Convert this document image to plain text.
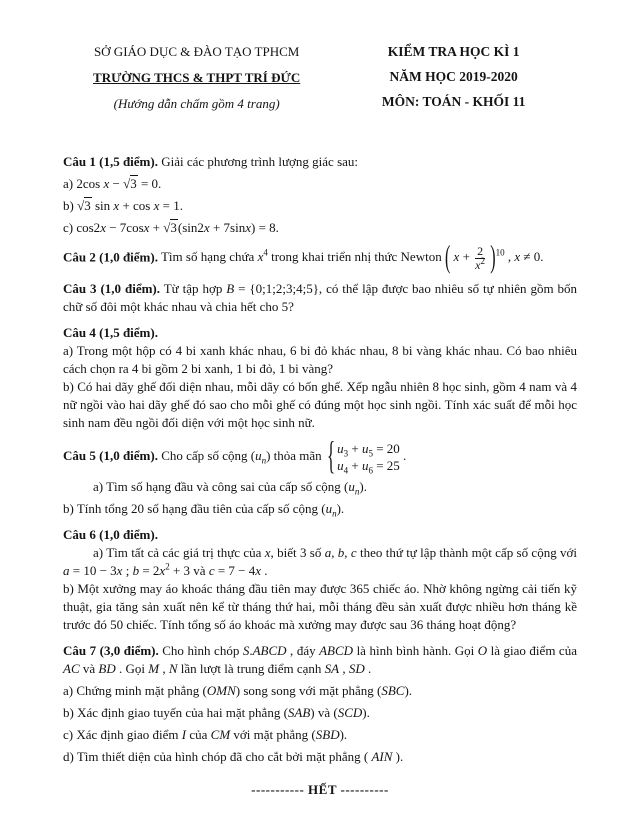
SỞ GIÁO DỤC & ĐÀO TẠO TPHCM
TRƯỜNG THCS & THPT TRÍ ĐỨC
(Hướng dẫn chấm gồm 4 trang)
KIỂM TRA HỌC KÌ 1
NĂM HỌC 2019-2020
MÔN: TOÁN - KHỐI 11

Câu 1 (1,5 điểm). Giải các phương trình lượng giác sau:

a) 2cos x − √3 = 0.

b) √3 sin x + cos x = 1.

c) cos2x − 7cosx + √3(sin2x + 7sinx) = 8.

Câu 2 (1,0 điểm). Tìm số hạng chứa $x^4$ trong khai triển nhị thức Newton ( $x + \frac{2}{x^2} )^{10}$ , x ≠ 0.

Câu 3 (1,0 điểm). Từ tập hợp B = {0;1;2;3;4;5}, có thể lập được bao nhiêu số tự nhiên gồm bốn chữ số đôi một khác nhau và chia hết cho 5?

Câu 4 (1,5 điểm).

a) Trong một hộp có 4 bi xanh khác nhau, 6 bi đỏ khác nhau, 8 bi vàng khác nhau. Có bao nhiêu cách chọn ra 4 bi gồm 2 bi xanh, 1 bi đỏ, 1 bi vàng?

b) Có hai dãy ghế đối diện nhau, mỗi dãy có bốn ghế. Xếp ngẫu nhiên 8 học sinh, gồm 4 nam và 4 nữ ngồi vào hai dãy ghế đó sao cho mỗi ghế có đúng một học sinh ngồi. Tính xác suất để mỗi học sinh nam đều ngồi đối diện với một học sinh nữ.

Câu 5 (1,0 điểm). Cho cấp số cộng $(u_n)$ thỏa mãn { $u_3 + u_5 = 20$
$u_4 + u_6 = 25$
.

a) Tìm số hạng đầu và công sai của cấp số cộng $(u_n)$.

b) Tính tổng 20 số hạng đầu tiên của cấp số cộng $(u_n)$.

Câu 6 (1,0 điểm).

a) Tìm tất cả các giá trị thực của x, biết 3 số a, b, c theo thứ tự lập thành một cấp số cộng với a = 10 − 3x ; $b = 2x^2 + 3$ và c = 7 − 4x .

b) Một xưởng may áo khoác tháng đầu tiên may được 365 chiếc áo. Nhờ không ngừng cải tiến kỹ thuật, gia tăng sản xuất nên kể từ tháng thứ hai, mỗi tháng đều sản xuất được nhiều hơn tháng kề trước đó 50 chiếc. Tính tổng số áo khoác mà xưởng may được sau 36 tháng hoạt động?

Câu 7 (3,0 điểm). Cho hình chóp S.ABCD , đáy ABCD là hình bình hành. Gọi O là giao điểm của AC và BD . Gọi M , N lần lượt là trung điểm cạnh SA , SD .

a) Chứng minh mặt phẳng (OMN) song song với mặt phẳng (SBC).

b) Xác định giao tuyến của hai mặt phẳng (SAB) và (SCD).

c) Xác định giao điểm I của CM với mặt phẳng (SBD).

d) Tìm thiết diện của hình chóp đã cho cắt bởi mặt phẳng ( AIN ).

----------- HẾT ----------
